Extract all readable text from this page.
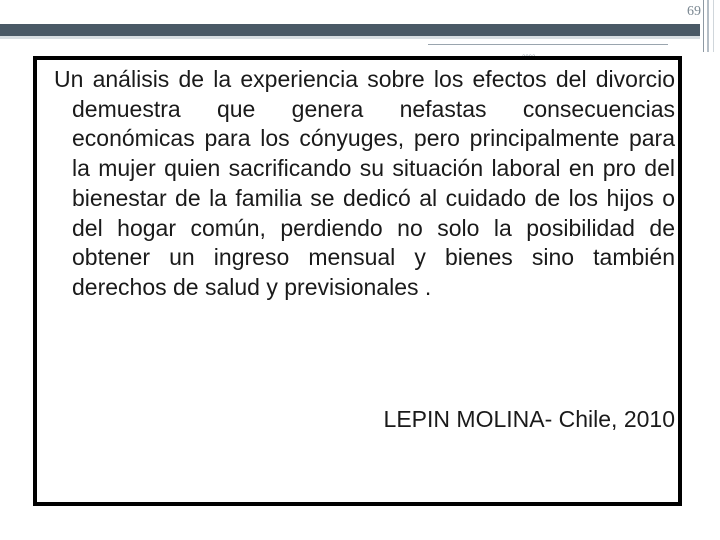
69
2002
Un análisis de la experiencia sobre los efectos del divorcio demuestra que genera nefastas consecuencias económicas para los cónyuges, pero principalmente para la mujer quien sacrificando su situación laboral en pro del bienestar de la familia se dedicó al cuidado de los hijos o del hogar común, perdiendo no solo la posibilidad de obtener un ingreso mensual y bienes sino también derechos de salud y previsionales .
LEPIN MOLINA- Chile, 2010
